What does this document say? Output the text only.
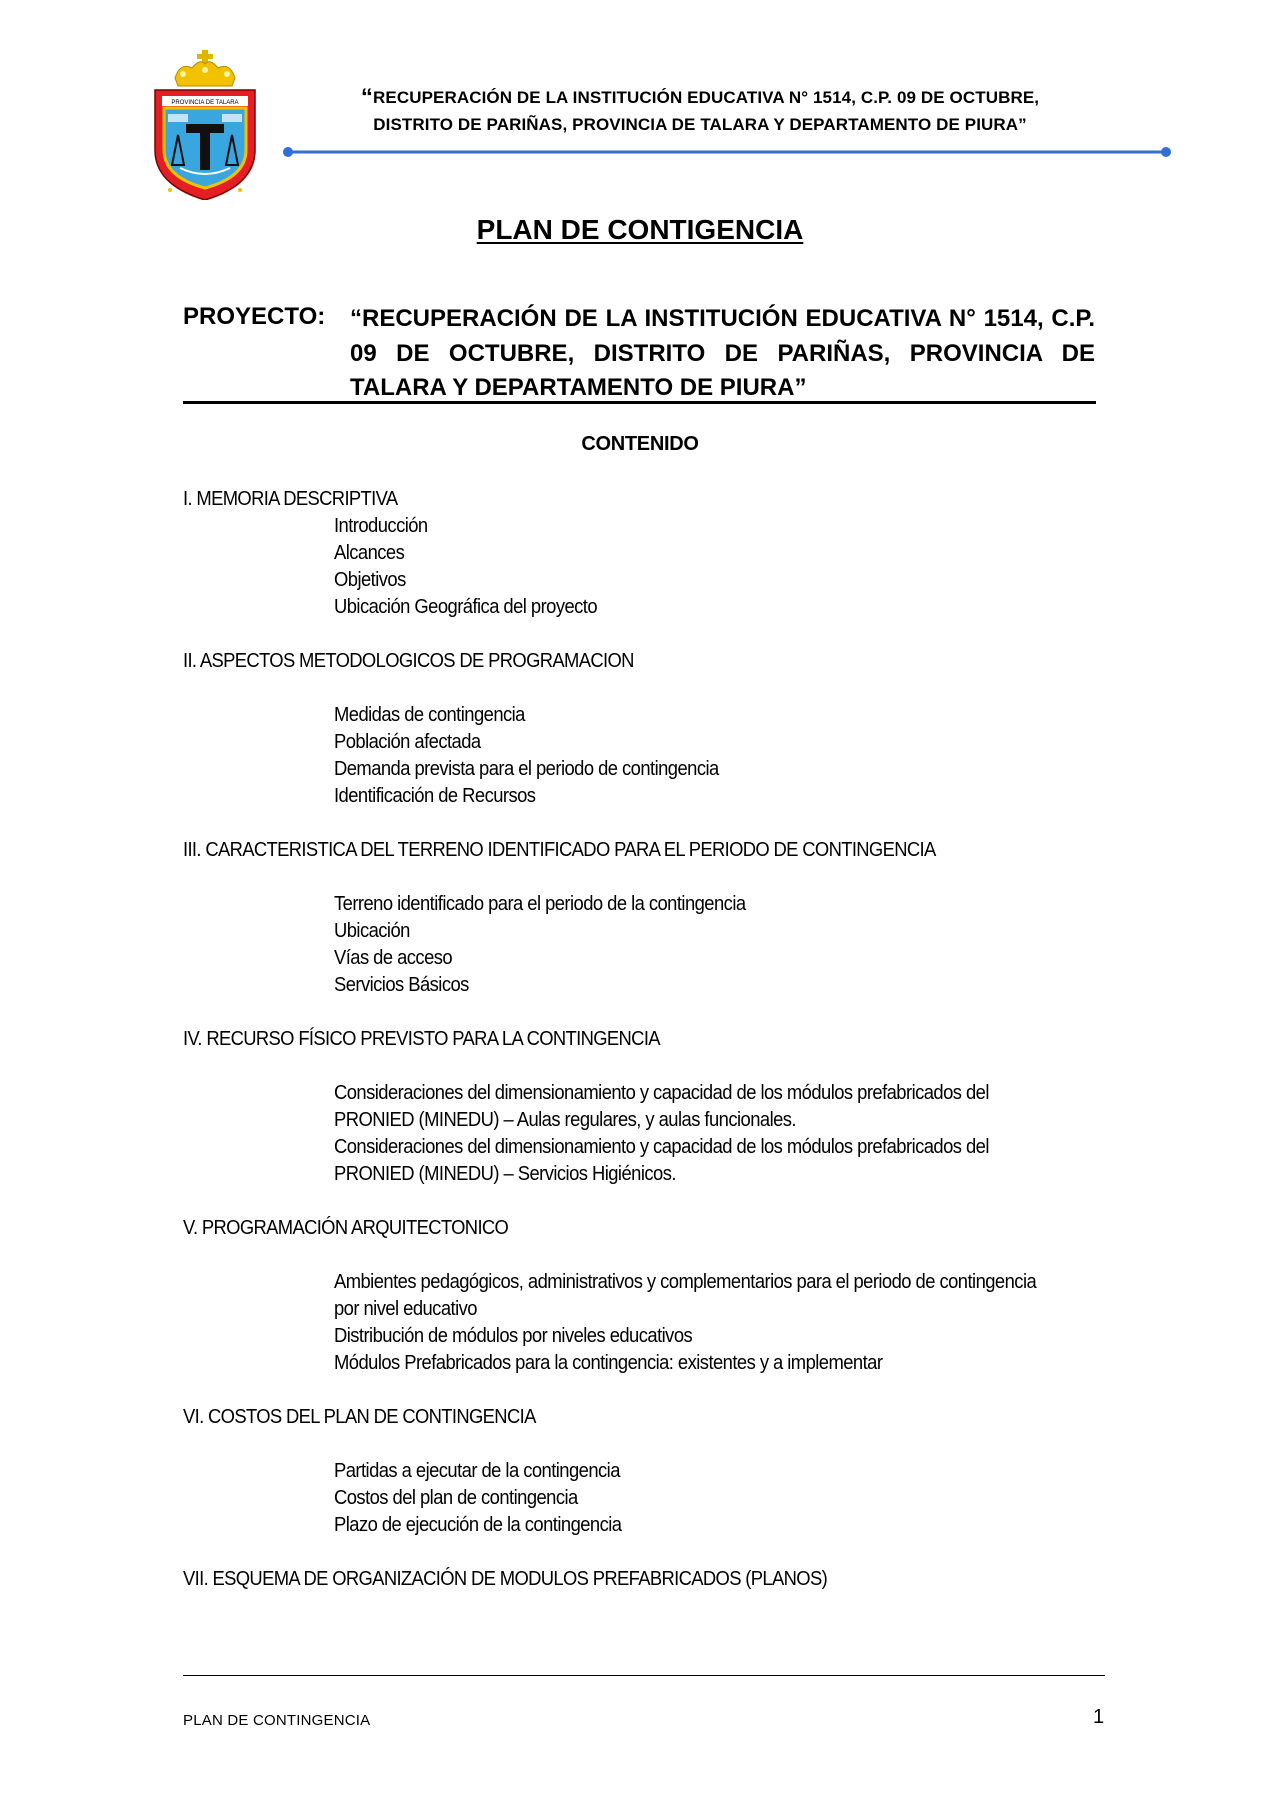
PROVINCIA DE TALARA	“RECUPERACIÓN DE LA INSTITUCIÓN EDUCATIVA N° 1514, C.P. 09 DE OCTUBRE,
DISTRITO DE PARIÑAS, PROVINCIA DE TALARA Y DEPARTAMENTO DE PIURA”
PLAN DE CONTIGENCIA
PROYECTO: “RECUPERACIÓN DE LA INSTITUCIÓN EDUCATIVA N° 1514, C.P. 09 DE OCTUBRE, DISTRITO DE PARIÑAS, PROVINCIA DE TALARA Y DEPARTAMENTO DE PIURA”
CONTENIDO
I. MEMORIA DESCRIPTIVA
Introducción
Alcances
Objetivos
Ubicación Geográfica del proyecto
II. ASPECTOS METODOLOGICOS DE PROGRAMACION
Medidas de contingencia
Población afectada
Demanda prevista para el periodo de contingencia
Identificación de Recursos
III. CARACTERISTICA DEL TERRENO IDENTIFICADO PARA EL PERIODO DE CONTINGENCIA
Terreno identificado para el periodo de la contingencia
Ubicación
Vías de acceso
Servicios Básicos
IV. RECURSO FÍSICO PREVISTO PARA LA CONTINGENCIA
Consideraciones del dimensionamiento y capacidad de los módulos prefabricados del PRONIED (MINEDU) – Aulas regulares, y aulas funcionales.
Consideraciones del dimensionamiento y capacidad de los módulos prefabricados del PRONIED (MINEDU) – Servicios Higiénicos.
V. PROGRAMACIÓN ARQUITECTONICO
Ambientes pedagógicos, administrativos y complementarios para el periodo de contingencia por nivel educativo
Distribución de módulos por niveles educativos
Módulos Prefabricados para la contingencia: existentes y a implementar
VI. COSTOS DEL PLAN DE CONTINGENCIA
Partidas a ejecutar de la contingencia
Costos del plan de contingencia
Plazo de ejecución de la contingencia
VII. ESQUEMA DE ORGANIZACIÓN DE MODULOS PREFABRICADOS (PLANOS)
PLAN DE CONTINGENCIA	1
